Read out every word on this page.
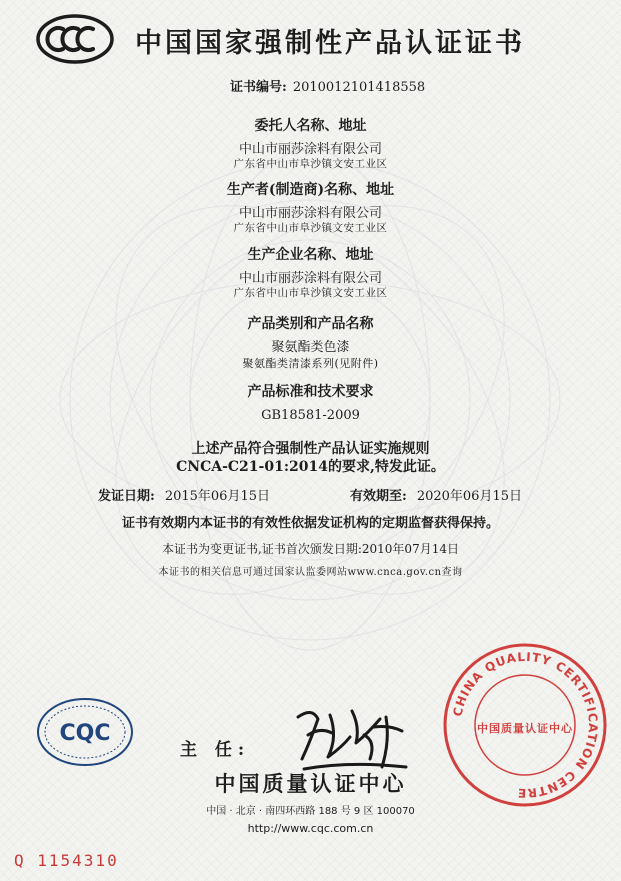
中国国家强制性产品认证证书
证书编号: 2010012101418558
委托人名称、地址
中山市丽莎涂料有限公司
广东省中山市阜沙镇文安工业区
生产者(制造商)名称、地址
中山市丽莎涂料有限公司
广东省中山市阜沙镇文安工业区
生产企业名称、地址
中山市丽莎涂料有限公司
广东省中山市阜沙镇文安工业区
产品类别和产品名称
聚氨酯类色漆
聚氨酯类清漆系列(见附件)
产品标准和技术要求
GB18581-2009
上述产品符合强制性产品认证实施规则
CNCA-C21-01:2014的要求,特发此证。
发证日期: 2015年06月15日	有效期至: 2020年06月15日
证书有效期内本证书的有效性依据发证机构的定期监督获得保持。
本证书为变更证书,证书首次颁发日期:2010年07月14日
本证书的相关信息可通过国家认监委网站www.cnca.gov.cn查询
CHINA QUALITY CERTIFICATION CENTRE
中国质量认证中心
CQC
主 任:
中国质量认证中心
中国 · 北京 · 南四环西路 188 号 9 区 100070
http://www.cqc.com.cn
Q 1154310
